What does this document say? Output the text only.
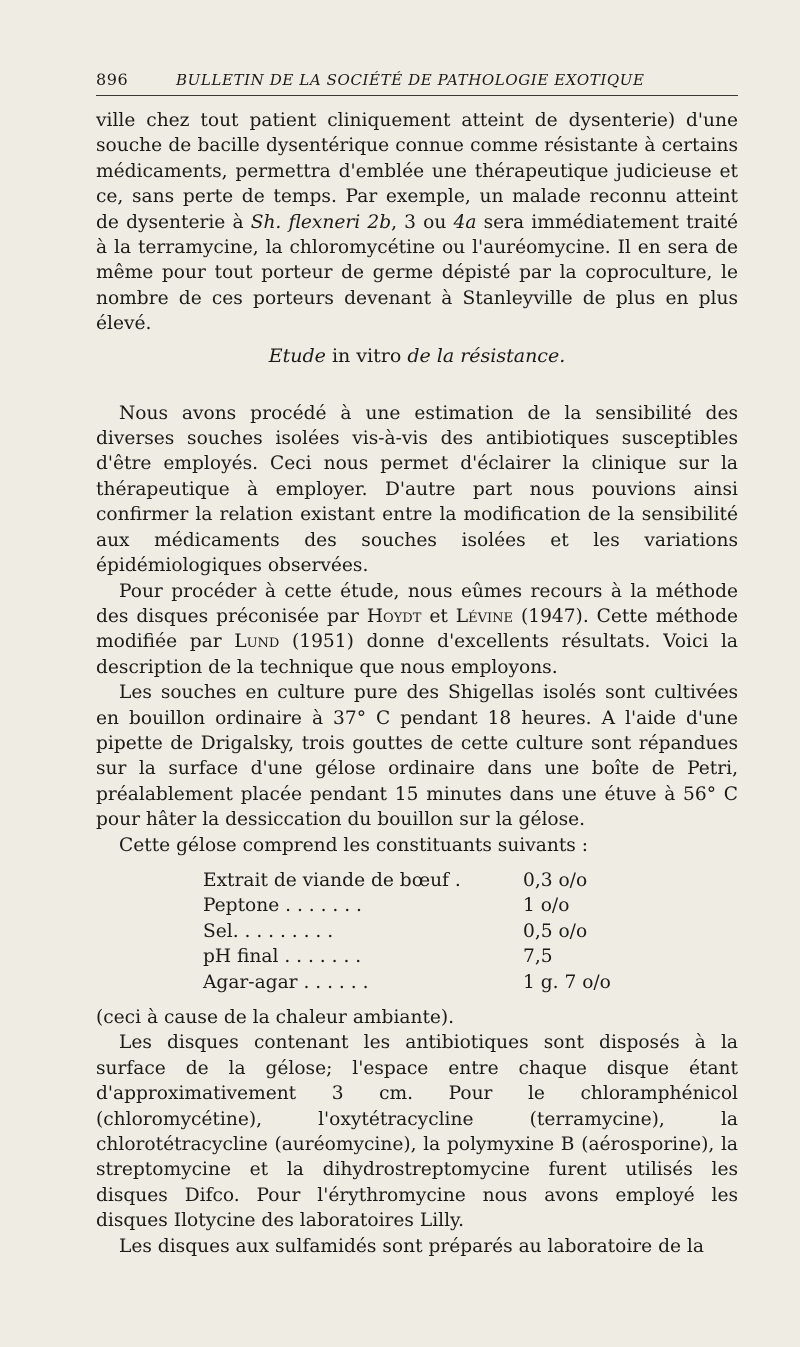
896	BULLETIN DE LA SOCIÉTÉ DE PATHOLOGIE EXOTIQUE

ville chez tout patient cliniquement atteint de dysenterie) d'une souche de bacille dysentérique connue comme résistante à certains médicaments, permettra d'emblée une thérapeutique judicieuse et ce, sans perte de temps. Par exemple, un malade reconnu atteint de dysenterie à Sh. flexneri 2b, 3 ou 4a sera immédiatement traité à la terramycine, la chloromycétine ou l'auréomycine. Il en sera de même pour tout porteur de germe dépisté par la coproculture, le nombre de ces porteurs devenant à Stanleyville de plus en plus élevé.

Etude in vitro de la résistance.

Nous avons procédé à une estimation de la sensibilité des diverses souches isolées vis-à-vis des antibiotiques susceptibles d'être employés. Ceci nous permet d'éclairer la clinique sur la thérapeutique à employer. D'autre part nous pouvions ainsi confirmer la relation existant entre la modification de la sensibilité aux médicaments des souches isolées et les variations épidémiologiques observées.

Pour procéder à cette étude, nous eûmes recours à la méthode des disques préconisée par Hoydt et Lévine (1947). Cette méthode modifiée par Lund (1951) donne d'excellents résultats. Voici la description de la technique que nous employons.

Les souches en culture pure des Shigellas isolés sont cultivées en bouillon ordinaire à 37° C pendant 18 heures. A l'aide d'une pipette de Drigalsky, trois gouttes de cette culture sont répandues sur la surface d'une gélose ordinaire dans une boîte de Petri, préalablement placée pendant 15 minutes dans une étuve à 56° C pour hâter la dessiccation du bouillon sur la gélose.

Cette gélose comprend les constituants suivants :

Extrait de viande de bœuf .	0,3 o/o
Peptone . . . . . . .	1 o/o
Sel. . . . . . . . .	0,5 o/o
pH final . . . . . . .	7,5
Agar-agar . . . . . .	1 g. 7 o/o

(ceci à cause de la chaleur ambiante).

Les disques contenant les antibiotiques sont disposés à la surface de la gélose; l'espace entre chaque disque étant d'approximativement 3 cm. Pour le chloramphénicol (chloromycétine), l'oxytétracycline (terramycine), la chlorotétracycline (auréomycine), la polymyxine B (aérosporine), la streptomycine et la dihydrostreptomycine furent utilisés les disques Difco. Pour l'érythromycine nous avons employé les disques Ilotycine des laboratoires Lilly.

Les disques aux sulfamidés sont préparés au laboratoire de la
